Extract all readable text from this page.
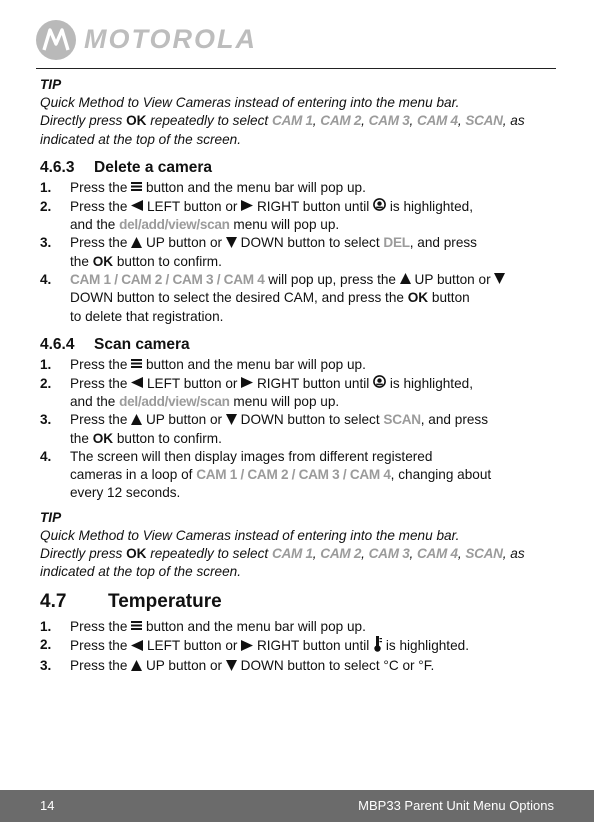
MOTOROLA
TIP
Quick Method to View Cameras instead of entering into the menu bar.
Directly press OK repeatedly to select CAM 1, CAM 2, CAM 3, CAM 4, SCAN, as
indicated at the top of the screen.
4.6.3 Delete a camera
1. Press the  button and the menu bar will pop up.
2. Press the  LEFT button or  RIGHT button until  is highlighted,
and the del/add/view/scan menu will pop up.
3. Press the  UP button or  DOWN button to select DEL, and press
the OK button to confirm.
4. CAM 1 / CAM 2 / CAM 3 / CAM 4 will pop up, press the  UP button or
DOWN button to select the desired CAM, and press the OK button
to delete that registration.
4.6.4 Scan camera
1. Press the  button and the menu bar will pop up.
2. Press the  LEFT button or  RIGHT button until  is highlighted,
and the del/add/view/scan menu will pop up.
3. Press the  UP button or  DOWN button to select SCAN, and press
the OK button to confirm.
4. The screen will then display images from different registered
cameras in a loop of CAM 1 / CAM 2 / CAM 3 / CAM 4, changing about
every 12 seconds.
TIP
Quick Method to View Cameras instead of entering into the menu bar.
Directly press OK repeatedly to select CAM 1, CAM 2, CAM 3, CAM 4, SCAN, as
indicated at the top of the screen.
4.7 Temperature
1. Press the  button and the menu bar will pop up.
2. Press the  LEFT button or  RIGHT button until  is highlighted.
3. Press the  UP button or  DOWN button to select °C or °F.
14	MBP33 Parent Unit Menu Options
